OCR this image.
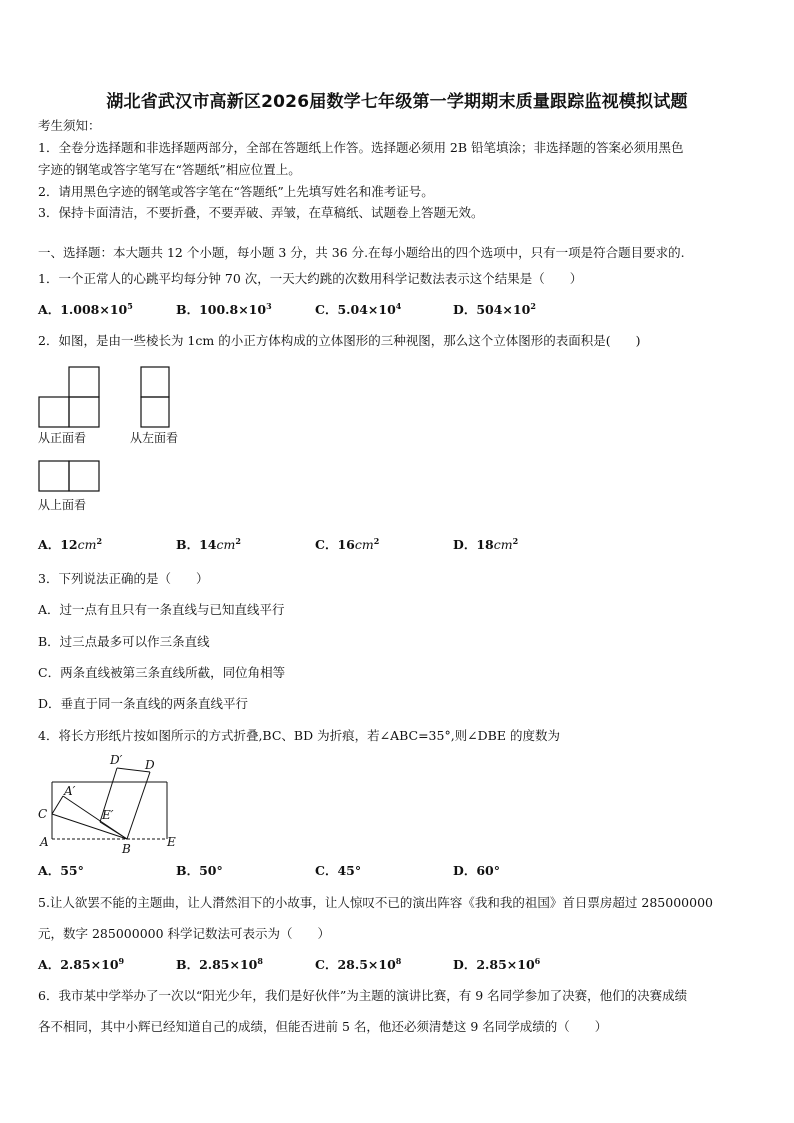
湖北省武汉市高新区2026届数学七年级第一学期期末质量跟踪监视模拟试题
考生须知：
1．全卷分选择题和非选择题两部分，全部在答题纸上作答。选择题必须用 2B 铅笔填涂；非选择题的答案必须用黑色
字迹的钢笔或答字笔写在“答题纸”相应位置上。
2．请用黑色字迹的钢笔或答字笔在“答题纸”上先填写姓名和准考证号。
3．保持卡面清洁，不要折叠，不要弄破、弄皱，在草稿纸、试题卷上答题无效。
一、选择题：本大题共 12 个小题，每小题 3 分，共 36 分.在每小题给出的四个选项中，只有一项是符合题目要求的.
1．一个正常人的心跳平均每分钟 70 次，一天大约跳的次数用科学记数法表示这个结果是（　　）
A．$1.008\times 10^5$	B．$100.8\times 10^3$	C．$5.04\times 10^4$	D．$504\times 10^2$
2．如图，是由一些棱长为 1cm 的小正方体构成的立体图形的三种视图，那么这个立体图形的表面积是(　　)
从正面看	从左面看
从上面看
A．$12cm^2$	B．$14cm^2$	C．$16cm^2$	D．$18cm^2$
3．下列说法正确的是（　　）
A．过一点有且只有一条直线与已知直线平行
B．过三点最多可以作三条直线
C．两条直线被第三条直线所截，同位角相等
D．垂直于同一条直线的两条直线平行
4．将长方形纸片按如图所示的方式折叠,BC、BD 为折痕，若∠ABC=35°,则∠DBE 的度数为
D′ D
A′
C	E′
A	B	E
A．55°	B．50°	C．45°	D．60°
5.让人欲罢不能的主题曲，让人潸然泪下的小故事，让人惊叹不已的演出阵容《我和我的祖国》首日票房超过 285000000
元，数字 285000000 科学记数法可表示为（　　）
A．$2.85\times 10^9$	B．$2.85\times 10^8$	C．$28.5\times 10^8$	D．$2.85\times 10^6$
6．我市某中学举办了一次以“阳光少年，我们是好伙伴”为主题的演讲比赛，有 9 名同学参加了决赛，他们的决赛成绩
各不相同，其中小辉已经知道自己的成绩，但能否进前 5 名，他还必须清楚这 9 名同学成绩的（　　）
